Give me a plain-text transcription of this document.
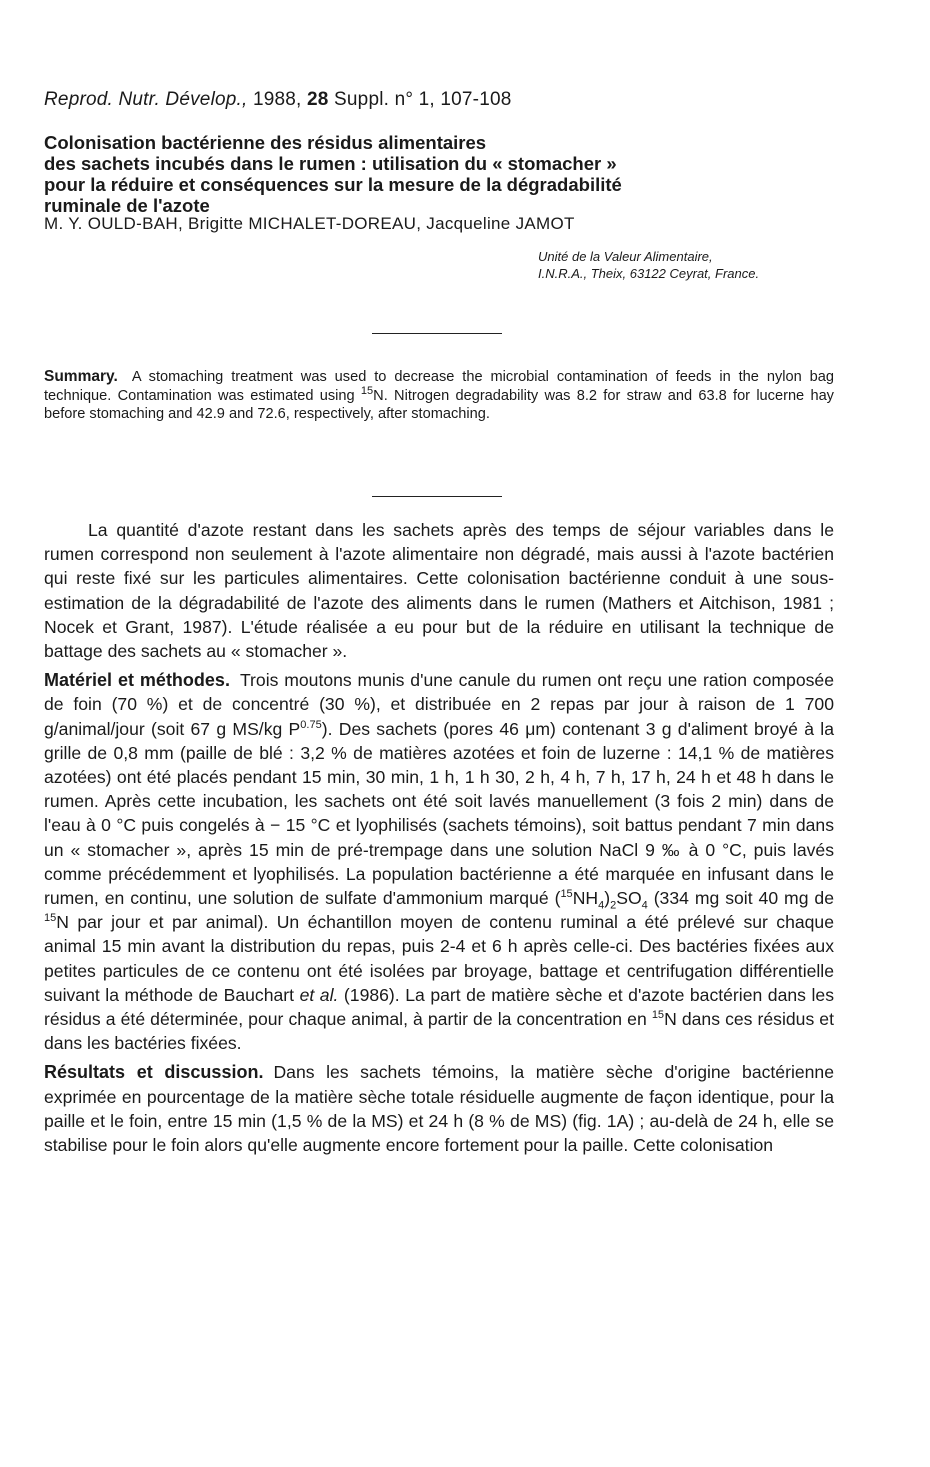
Reprod. Nutr. Dévelop., 1988, 28 Suppl. n° 1, 107-108
Colonisation bactérienne des résidus alimentaires
des sachets incubés dans le rumen : utilisation du « stomacher »
pour la réduire et conséquences sur la mesure de la dégradabilité
ruminale de l'azote
M. Y. OULD-BAH, Brigitte MICHALET-DOREAU, Jacqueline JAMOT
Unité de la Valeur Alimentaire,
I.N.R.A., Theix, 63122 Ceyrat, France.

Summary. A stomaching treatment was used to decrease the microbial contamination of feeds in the nylon bag technique. Contamination was estimated using $^{15}$N. Nitrogen degradability was 8.2 for straw and 63.8 for lucerne hay before stomaching and 42.9 and 72.6, respectively, after stomaching.

La quantité d'azote restant dans les sachets après des temps de séjour variables dans le rumen correspond non seulement à l'azote alimentaire non dégradé, mais aussi à l'azote bactérien qui reste fixé sur les particules alimentaires. Cette colonisation bactérienne conduit à une sous-estimation de la dégradabilité de l'azote des aliments dans le rumen (Mathers et Aitchison, 1981 ; Nocek et Grant, 1987). L'étude réalisée a eu pour but de la réduire en utilisant la technique de battage des sachets au « stomacher ».

Matériel et méthodes. Trois moutons munis d'une canule du rumen ont reçu une ration composée de foin (70 %) et de concentré (30 %), et distribuée en 2 repas par jour à raison de 1 700 g/animal/jour (soit 67 g MS/kg $P^{0.75}$). Des sachets (pores 46 μm) contenant 3 g d'aliment broyé à la grille de 0,8 mm (paille de blé : 3,2 % de matières azotées et foin de luzerne : 14,1 % de matières azotées) ont été placés pendant 15 min, 30 min, 1 h, 1 h 30, 2 h, 4 h, 7 h, 17 h, 24 h et 48 h dans le rumen. Après cette incubation, les sachets ont été soit lavés manuellement (3 fois 2 min) dans de l'eau à 0 °C puis congelés à − 15 °C et lyophilisés (sachets témoins), soit battus pendant 7 min dans un « stomacher », après 15 min de pré-trempage dans une solution NaCl 9 ‰ à 0 °C, puis lavés comme précédemment et lyophilisés. La population bactérienne a été marquée en infusant dans le rumen, en continu, une solution de sulfate d'ammonium marqué $(^{15}NH_4)_2SO_4$ (334 mg soit 40 mg de $^{15}$N par jour et par animal). Un échantillon moyen de contenu ruminal a été prélevé sur chaque animal 15 min avant la distribution du repas, puis 2-4 et 6 h après celle-ci. Des bactéries fixées aux petites particules de ce contenu ont été isolées par broyage, battage et centrifugation différentielle suivant la méthode de Bauchart et al. (1986). La part de matière sèche et d'azote bactérien dans les résidus a été déterminée, pour chaque animal, à partir de la concentration en $^{15}$N dans ces résidus et dans les bactéries fixées.

Résultats et discussion. Dans les sachets témoins, la matière sèche d'origine bactérienne exprimée en pourcentage de la matière sèche totale résiduelle augmente de façon identique, pour la paille et le foin, entre 15 min (1,5 % de la MS) et 24 h (8 % de MS) (fig. 1A) ; au-delà de 24 h, elle se stabilise pour le foin alors qu'elle augmente encore fortement pour la paille. Cette colonisation
